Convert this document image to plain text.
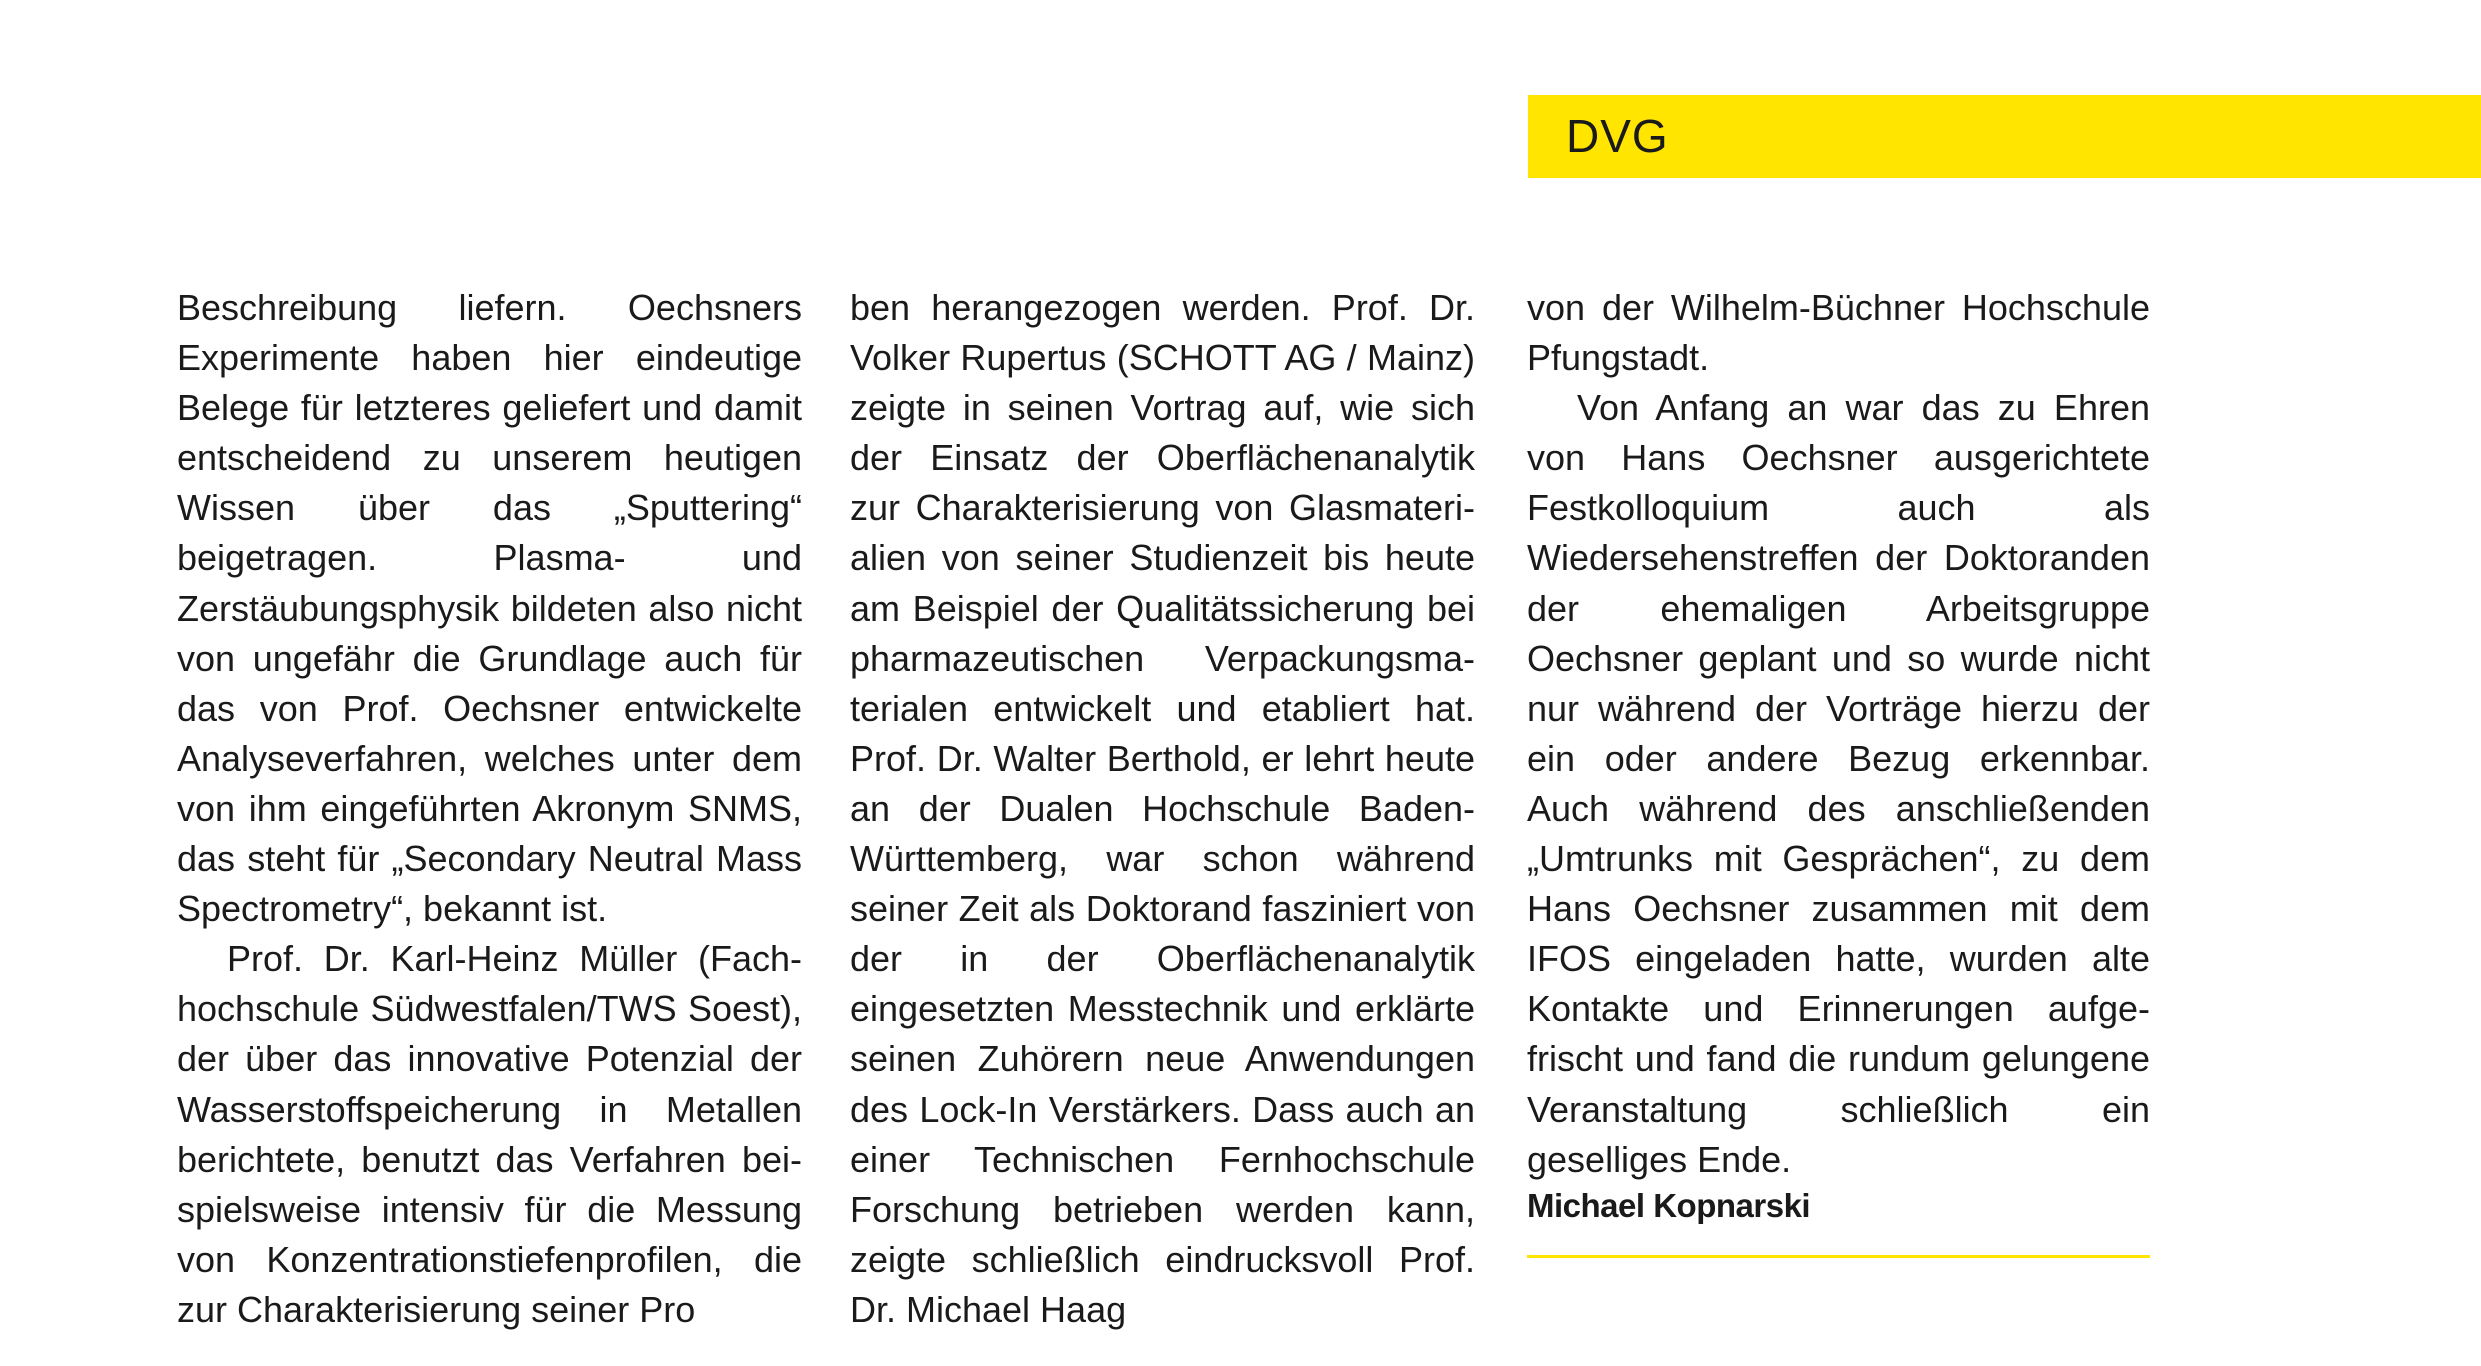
DVG

Beschreibung liefern. Oechsners Experimente haben hier eindeutige Belege für letzteres geliefert und damit entscheidend zu unserem heutigen Wissen über das „Sputtering“ beigetragen. Plasma- und Zerstäubungsphysik bildeten also nicht von ungefähr die Grundlage auch für das von Prof. Oechsner entwickelte Analyseverfahren, welches unter dem von ihm eingeführten Akronym SNMS, das steht für „Secondary Neutral Mass Spectrometry“, bekannt ist.

Prof. Dr. Karl-Heinz Müller (Fachhochschule Südwestfalen/TWS Soest), der über das innovative Potenzial der Wasserstoffspeicherung in Metallen berichtete, benutzt das Verfahren beispielsweise intensiv für die Messung von Konzentrationstiefenprofilen, die zur Charakterisierung seiner Pro

ben herangezogen werden. Prof. Dr. Volker Rupertus (SCHOTT AG / Mainz) zeigte in seinen Vortrag auf, wie sich der Einsatz der Oberflächenanalytik zur Charakterisierung von Glasmaterialien von seiner Studienzeit bis heute am Beispiel der Qualitätssicherung bei pharmazeutischen Verpackungsmaterialen entwickelt und etabliert hat. Prof. Dr. Walter Berthold, er lehrt heute an der Dualen Hochschule Baden-Württemberg, war schon während seiner Zeit als Doktorand fasziniert von der in der Oberflächenanalytik eingesetzten Messtechnik und erklärte seinen Zuhörern neue Anwendungen des Lock-In Verstärkers. Dass auch an einer Technischen Fernhochschule Forschung betrieben werden kann, zeigte schließlich eindrucksvoll Prof. Dr. Michael Haag

von der Wilhelm-Büchner Hochschule Pfungstadt.

Von Anfang an war das zu Ehren von Hans Oechsner ausgerichtete Festkolloquium auch als Wiedersehenstreffen der Doktoranden der ehemaligen Arbeitsgruppe Oechsner geplant und so wurde nicht nur während der Vorträge hierzu der ein oder andere Bezug erkennbar. Auch während des anschließenden „Umtrunks mit Gesprächen“, zu dem Hans Oechsner zusammen mit dem IFOS eingeladen hatte, wurden alte Kontakte und Erinnerungen aufgefrischt und fand die rundum gelungene Veranstaltung schließlich ein geselliges Ende.

Michael Kopnarski
